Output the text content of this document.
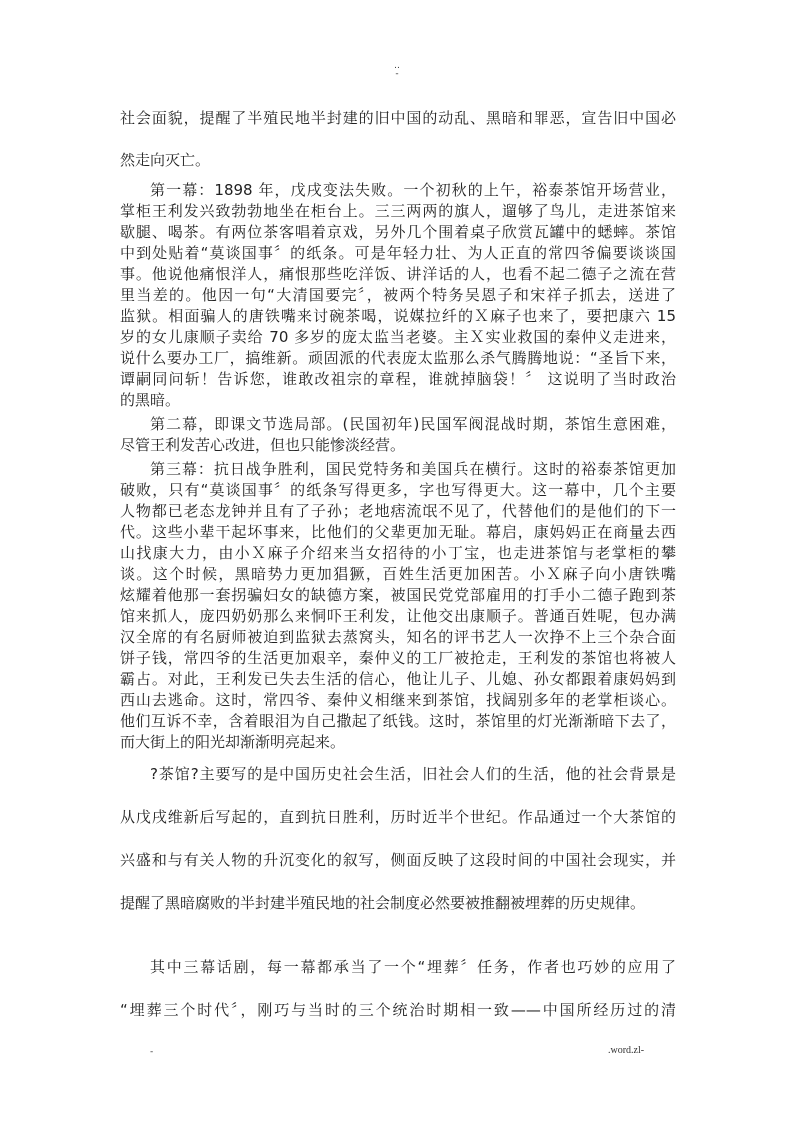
..
-
社会面貌，提醒了半殖民地半封建的旧中国的动乱、黑暗和罪恶，宣告旧中国必
然走向灭亡。
第一幕：1898 年，戊戌变法失败。一个初秋的上午，裕泰茶馆开场营业，
掌柜王利发兴致勃勃地坐在柜台上。三三两两的旗人，遛够了鸟儿，走进茶馆来
歇腿、喝茶。有两位茶客唱着京戏，另外几个围着桌子欣赏瓦罐中的蟋蟀。茶馆
中到处贴着“莫谈国事〞的纸条。可是年轻力壮、为人正直的常四爷偏要谈谈国
事。他说他痛恨洋人，痛恨那些吃洋饭、讲洋话的人，也看不起二德子之流在营
里当差的。他因一句“大清国要完〞，被两个特务吴恩子和宋祥子抓去，送进了
监狱。相面骗人的唐铁嘴来讨碗茶喝，说媒拉纤的Ｘ麻子也来了，要把康六 15
岁的女儿康顺子卖给 70 多岁的庞太监当老婆。主Ｘ实业救国的秦仲义走进来，
说什么要办工厂，搞维新。顽固派的代表庞太监那么杀气腾腾地说：“圣旨下来，
谭嗣同问斩！告诉您，谁敢改祖宗的章程，谁就掉脑袋！〞 这说明了当时政治
的黑暗。
第二幕，即课文节选局部。(民国初年)民国军阀混战时期，茶馆生意困难，
尽管王利发苦心改进，但也只能惨淡经营。
第三幕：抗日战争胜利，国民党特务和美国兵在横行。这时的裕泰茶馆更加
破败，只有“莫谈国事〞的纸条写得更多，字也写得更大。这一幕中，几个主要
人物都已老态龙钟并且有了子孙；老地痞流氓不见了，代替他们的是他们的下一
代。这些小辈干起坏事来，比他们的父辈更加无耻。幕启，康妈妈正在商量去西
山找康大力，由小Ｘ麻子介绍来当女招待的小丁宝，也走进茶馆与老掌柜的攀
谈。这个时候，黑暗势力更加猖獗，百姓生活更加困苦。小Ｘ麻子向小唐铁嘴
炫耀着他那一套拐骗妇女的缺德方案，被国民党党部雇用的打手小二德子跑到茶
馆来抓人，庞四奶奶那么来恫吓王利发，让他交出康顺子。普通百姓呢，包办满
汉全席的有名厨师被迫到监狱去蒸窝头，知名的评书艺人一次挣不上三个杂合面
饼子钱，常四爷的生活更加艰辛，秦仲义的工厂被抢走，王利发的茶馆也将被人
霸占。对此，王利发已失去生活的信心，他让儿子、儿媳、孙女都跟着康妈妈到
西山去逃命。这时，常四爷、秦仲义相继来到茶馆，找阔别多年的老掌柜谈心。
他们互诉不幸，含着眼泪为自己撒起了纸钱。这时，茶馆里的灯光渐渐暗下去了，
而大街上的阳光却渐渐明亮起来。
?茶馆?主要写的是中国历史社会生活，旧社会人们的生活，他的社会背景是
从戊戌维新后写起的，直到抗日胜利，历时近半个世纪。作品通过一个大茶馆的
兴盛和与有关人物的升沉变化的叙写，侧面反映了这段时间的中国社会现实，并
提醒了黑暗腐败的半封建半殖民地的社会制度必然要被推翻被埋葬的历史规律。
其中三幕话剧，每一幕都承当了一个“埋葬〞任务，作者也巧妙的应用了
“埋葬三个时代〞，刚巧与当时的三个统治时期相一致——中国所经历过的清
-	.word.zl-
